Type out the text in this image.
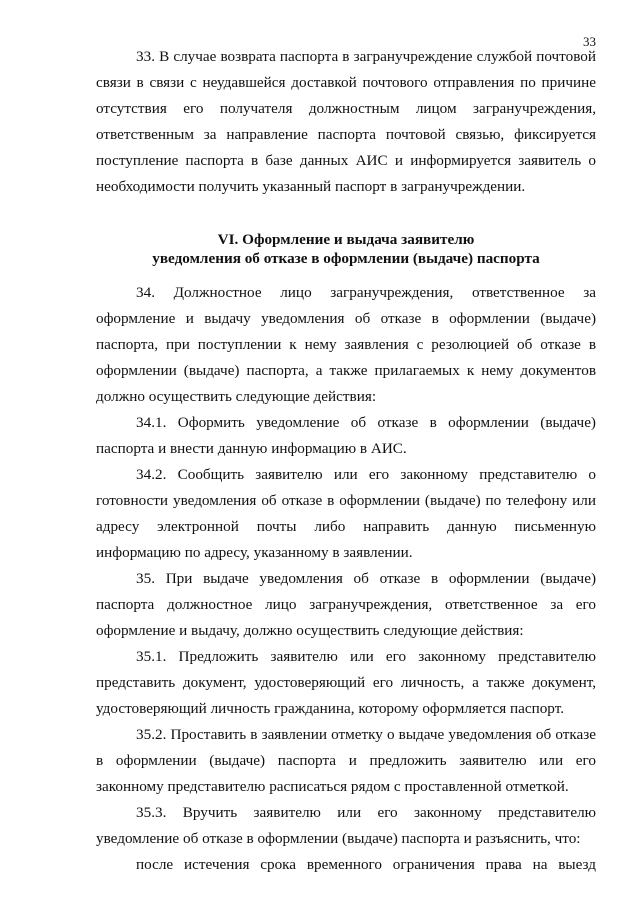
33

33. В случае возврата паспорта в загранучреждение службой почтовой связи в связи с неудавшейся доставкой почтового отправления по причине отсутствия его получателя должностным лицом загранучреждения, ответственным за направление паспорта почтовой связью, фиксируется поступление паспорта в базе данных АИС и информируется заявитель о необходимости получить указанный паспорт в загранучреждении.

VI. Оформление и выдача заявителю
уведомления об отказе в оформлении (выдаче) паспорта

34. Должностное лицо загранучреждения, ответственное за оформление и выдачу уведомления об отказе в оформлении (выдаче) паспорта, при поступлении к нему заявления с резолюцией об отказе в оформлении (выдаче) паспорта, а также прилагаемых к нему документов должно осуществить следующие действия:

34.1. Оформить уведомление об отказе в оформлении (выдаче) паспорта и внести данную информацию в АИС.

34.2. Сообщить заявителю или его законному представителю о готовности уведомления об отказе в оформлении (выдаче) по телефону или адресу электронной почты либо направить данную письменную информацию по адресу, указанному в заявлении.

35. При выдаче уведомления об отказе в оформлении (выдаче) паспорта должностное лицо загранучреждения, ответственное за его оформление и выдачу, должно осуществить следующие действия:

35.1. Предложить заявителю или его законному представителю представить документ, удостоверяющий его личность, а также документ, удостоверяющий личность гражданина, которому оформляется паспорт.

35.2. Проставить в заявлении отметку о выдаче уведомления об отказе в оформлении (выдаче) паспорта и предложить заявителю или его законному представителю расписаться рядом с проставленной отметкой.

35.3. Вручить заявителю или его законному представителю уведомление об отказе в оформлении (выдаче) паспорта и разъяснить, что:

после истечения срока временного ограничения права на выезд
